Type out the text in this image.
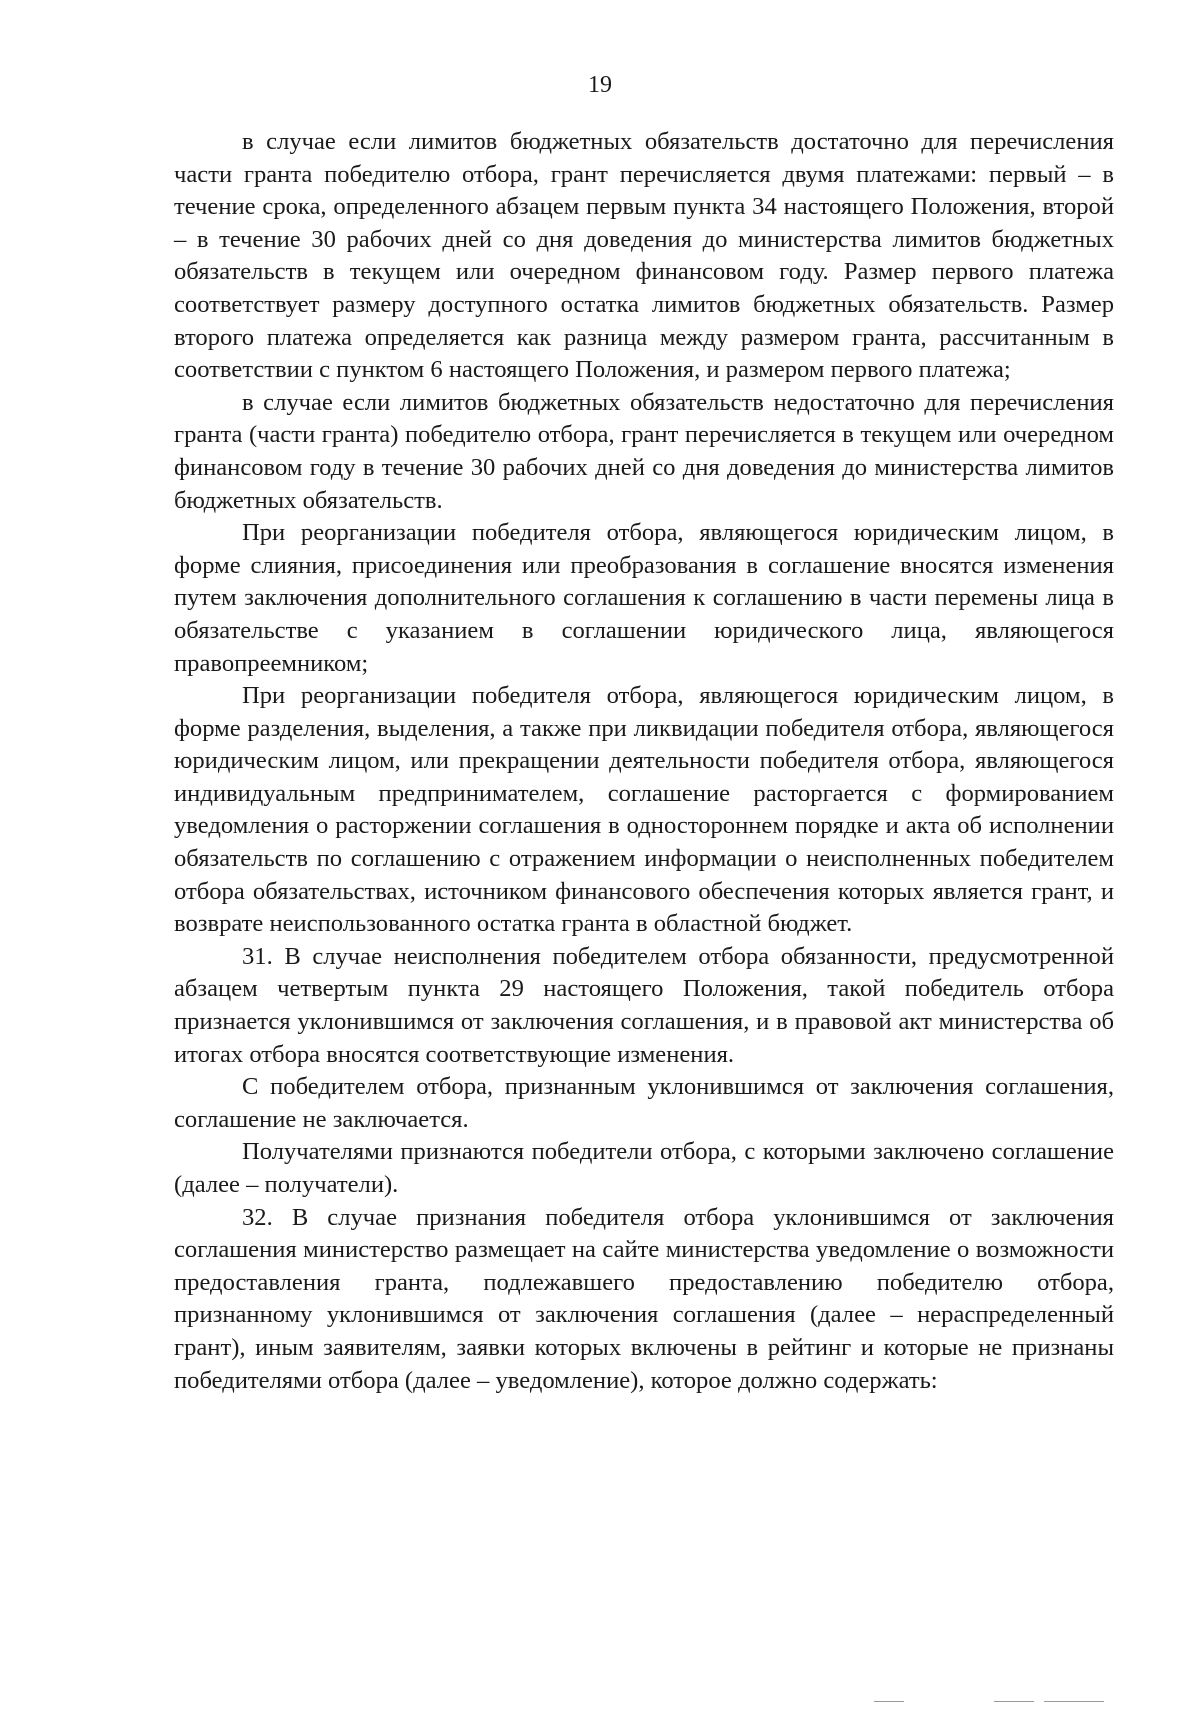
19

в случае если лимитов бюджетных обязательств достаточно для перечисления части гранта победителю отбора, грант перечисляется двумя платежами: первый – в течение срока, определенного абзацем первым пункта 34 настоящего Положения, второй – в течение 30 рабочих дней со дня доведения до министерства лимитов бюджетных обязательств в текущем или очередном финансовом году. Размер первого платежа соответствует размеру доступного остатка лимитов бюджетных обязательств. Размер второго платежа определяется как разница между размером гранта, рассчитанным в соответствии с пунктом 6 настоящего Положения, и размером первого платежа;

в случае если лимитов бюджетных обязательств недостаточно для перечисления гранта (части гранта) победителю отбора, грант перечисляется в текущем или очередном финансовом году в течение 30 рабочих дней со дня доведения до министерства лимитов бюджетных обязательств.

При реорганизации победителя отбора, являющегося юридическим лицом, в форме слияния, присоединения или преобразования в соглашение вносятся изменения путем заключения дополнительного соглашения к соглашению в части перемены лица в обязательстве с указанием в соглашении юридического лица, являющегося правопреемником;

При реорганизации победителя отбора, являющегося юридическим лицом, в форме разделения, выделения, а также при ликвидации победителя отбора, являющегося юридическим лицом, или прекращении деятельности победителя отбора, являющегося индивидуальным предпринимателем, соглашение расторгается с формированием уведомления о расторжении соглашения в одностороннем порядке и акта об исполнении обязательств по соглашению с отражением информации о неисполненных победителем отбора обязательствах, источником финансового обеспечения которых является грант, и возврате неиспользованного остатка гранта в областной бюджет.

31. В случае неисполнения победителем отбора обязанности, предусмотренной абзацем четвертым пункта 29 настоящего Положения, такой победитель отбора признается уклонившимся от заключения соглашения, и в правовой акт министерства об итогах отбора вносятся соответствующие изменения.

С победителем отбора, признанным уклонившимся от заключения соглашения, соглашение не заключается.

Получателями признаются победители отбора, с которыми заключено соглашение (далее – получатели).

32. В случае признания победителя отбора уклонившимся от заключения соглашения министерство размещает на сайте министерства уведомление о возможности предоставления гранта, подлежавшего предоставлению победителю отбора, признанному уклонившимся от заключения соглашения (далее – нераспределенный грант), иным заявителям, заявки которых включены в рейтинг и которые не признаны победителями отбора (далее – уведомление), которое должно содержать:
